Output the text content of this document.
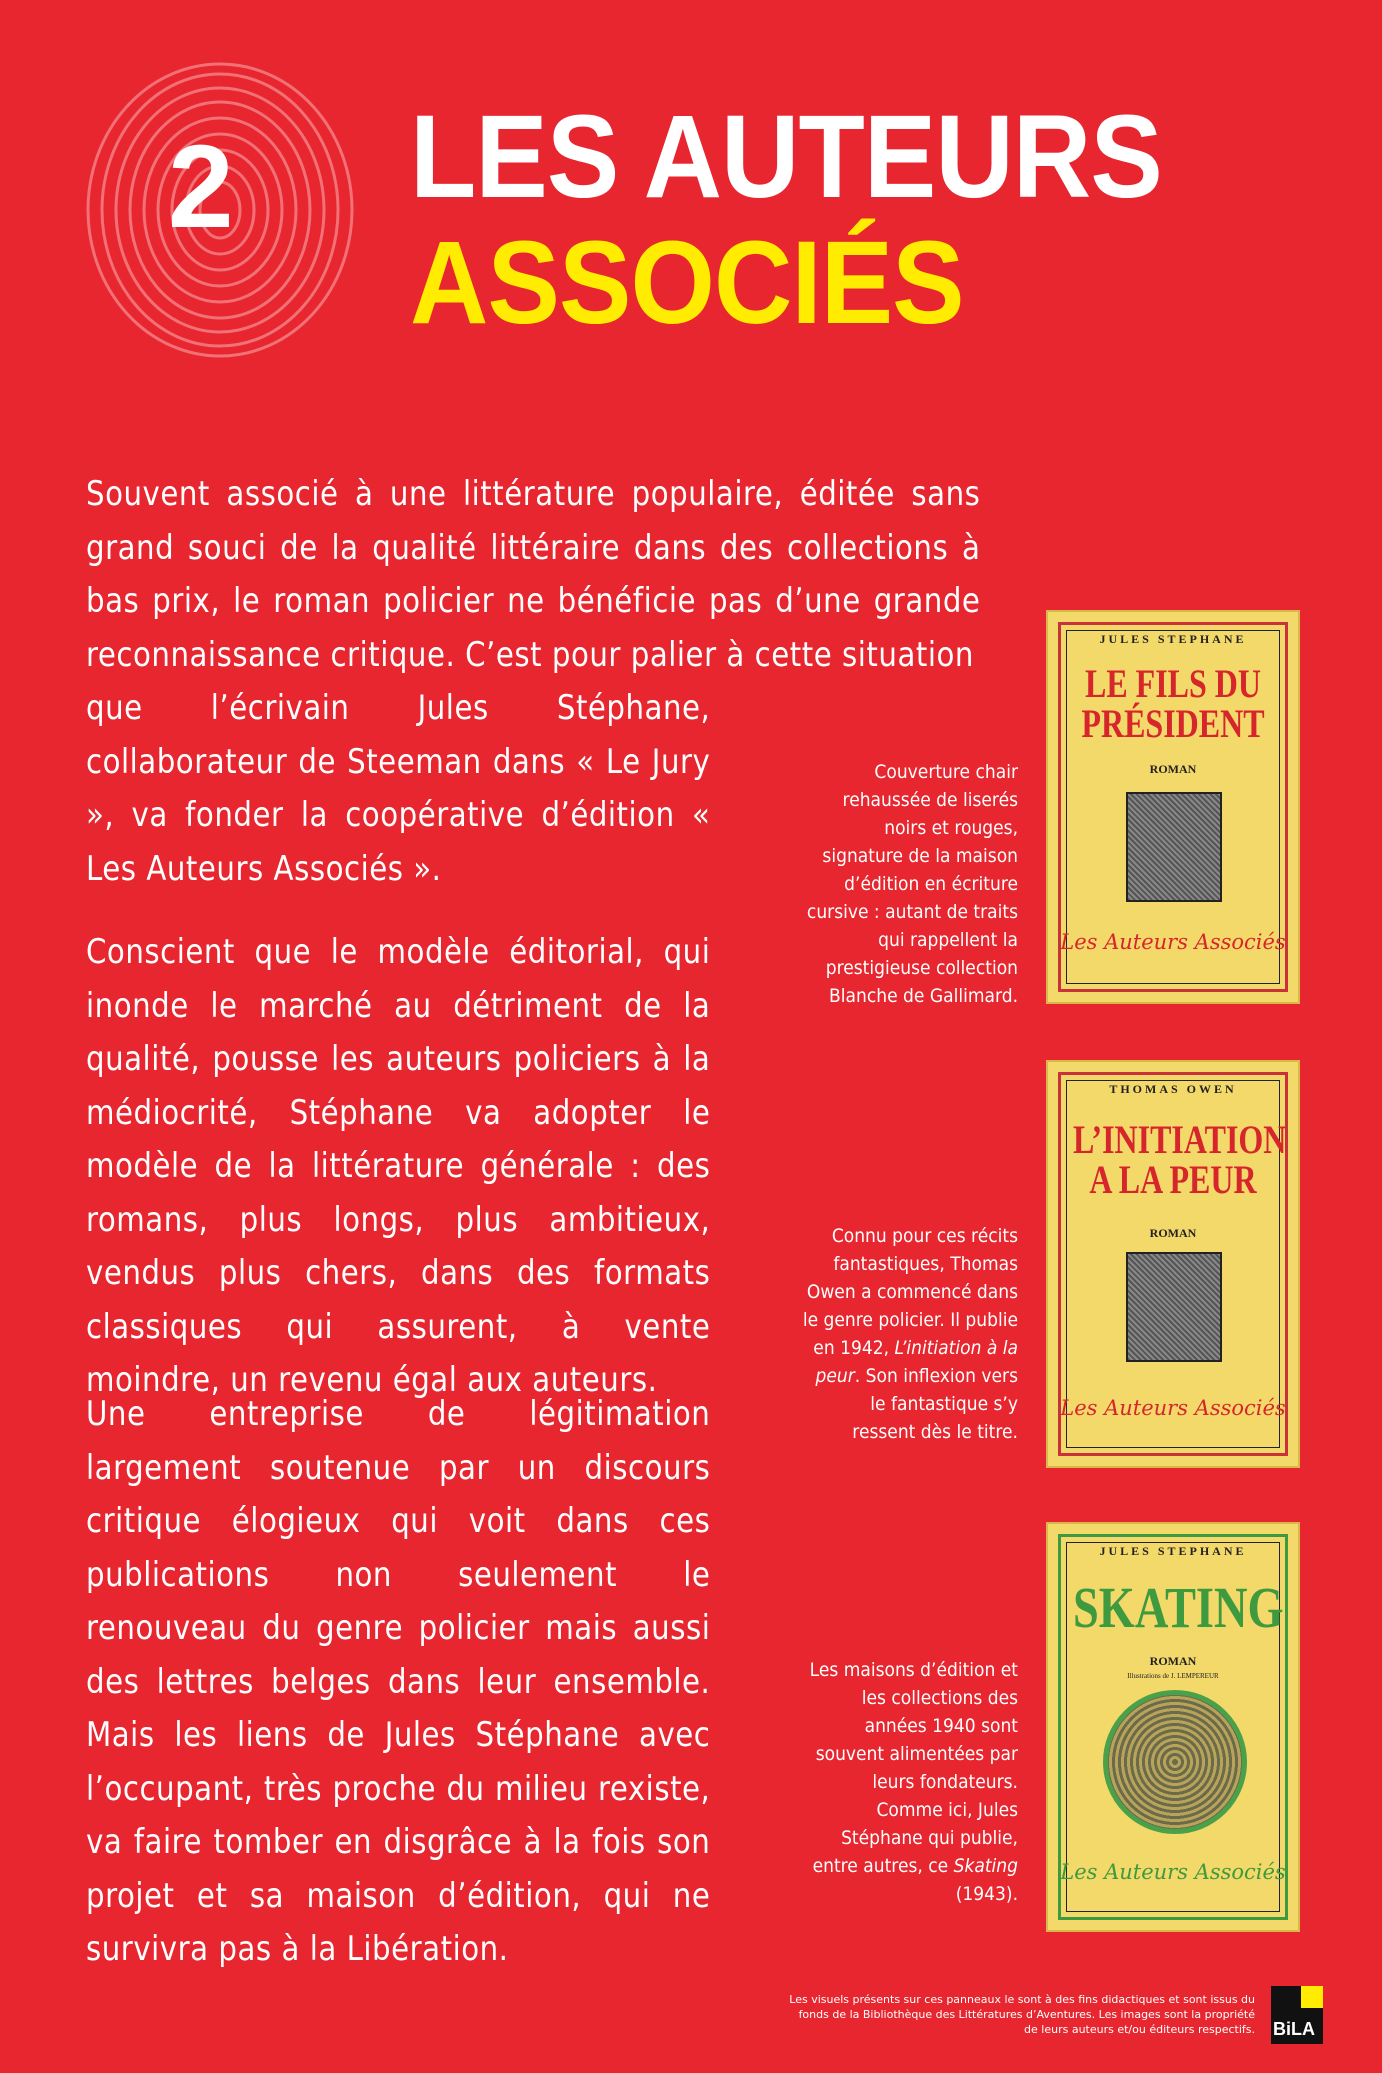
2 LES AUTEURS
ASSOCIÉS
Souvent associé à une littérature populaire, éditée sans grand souci de la qualité littéraire dans des collections à bas prix, le roman policier ne bénéficie pas d’une grande reconnaissance critique. C’est pour palier à cette situation
que l’écrivain Jules Stéphane, collaborateur de Steeman dans « Le Jury », va fonder la coopérative d’édition « Les Auteurs Associés ».
Conscient que le modèle éditorial, qui inonde le marché au détriment de la qualité, pousse les auteurs policiers à la médiocrité, Stéphane va adopter le modèle de la littérature générale : des romans, plus longs, plus ambitieux, vendus plus chers, dans des formats classiques qui assurent, à vente moindre, un revenu égal aux auteurs.
Une entreprise de légitimation largement soutenue par un discours critique élogieux qui voit dans ces publications non seulement le renouveau du genre policier mais aussi des lettres belges dans leur ensemble. Mais les liens de Jules Stéphane avec l’occupant, très proche du milieu rexiste, va faire tomber en disgrâce à la fois son projet et sa maison d’édition, qui ne survivra pas à la Libération.
Couverture chair rehaussée de liserés noirs et rouges, signature de la maison d’édition en écriture cursive : autant de traits qui rappellent la prestigieuse collection Blanche de Gallimard.
Connu pour ces récits fantastiques, Thomas Owen a commencé dans le genre policier. Il publie en 1942, L’initiation à la peur. Son inflexion vers le fantastique s’y ressent dès le titre.
Les maisons d’édition et les collections des années 1940 sont souvent alimentées par leurs fondateurs. Comme ici, Jules Stéphane qui publie, entre autres, ce Skating (1943).
JULES STEPHANE
LE FILS DU PRÉSIDENT
ROMAN
Les Auteurs Associés
THOMAS OWEN
L’INITIATION A LA PEUR
ROMAN
Les Auteurs Associés
JULES STEPHANE
SKATING
ROMAN
Illustrations de J. LEMPEREUR
Les Auteurs Associés
Les visuels présents sur ces panneaux le sont à des fins didactiques et sont issus du fonds de la Bibliothèque des Littératures d’Aventures. Les images sont la propriété de leurs auteurs et/ou éditeurs respectifs. BiLA
